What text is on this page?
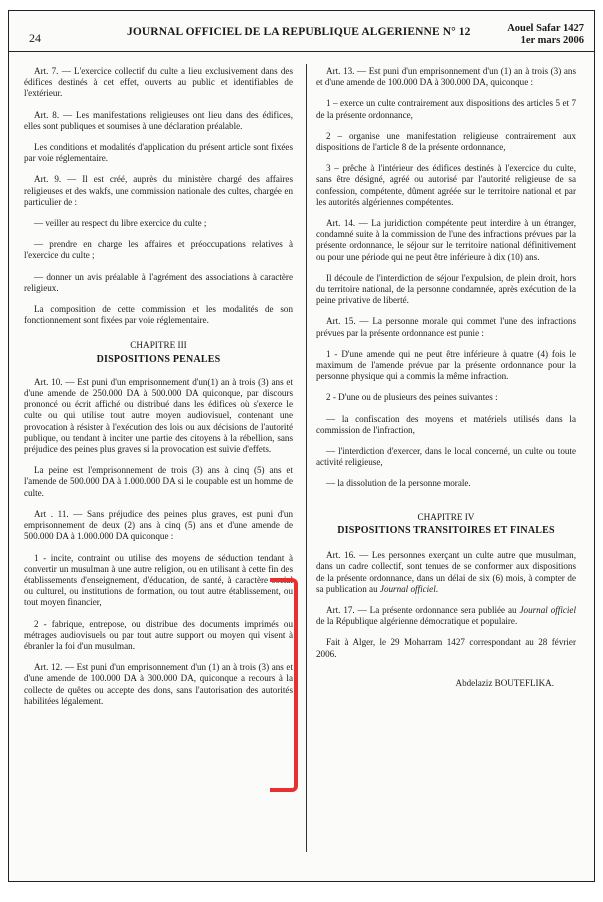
24	JOURNAL OFFICIEL DE LA REPUBLIQUE ALGERIENNE N° 12	Aouel Safar 1427
1er mars 2006

Art. 7. — L'exercice collectif du culte a lieu exclusivement dans des édifices destinés à cet effet, ouverts au public et identifiables de l'extérieur.

Art. 8. — Les manifestations religieuses ont lieu dans des édifices, elles sont publiques et soumises à une déclaration préalable.

Les conditions et modalités d'application du présent article sont fixées par voie réglementaire.

Art. 9. — Il est créé, auprès du ministère chargé des affaires religieuses et des wakfs, une commission nationale des cultes, chargée en particulier de :

— veiller au respect du libre exercice du culte ;

— prendre en charge les affaires et préoccupations relatives à l'exercice du culte ;

— donner un avis préalable à l'agrément des associations à caractère religieux.

La composition de cette commission et les modalités de son fonctionnement sont fixées par voie réglementaire.

CHAPITRE III
DISPOSITIONS PENALES

Art. 10. — Est puni d'un emprisonnement d'un(1) an à trois (3) ans et d'une amende de 250.000 DA à 500.000 DA quiconque, par discours prononcé ou écrit affiché ou distribué dans les édifices où s'exerce le culte ou qui utilise tout autre moyen audiovisuel, contenant une provocation à résister à l'exécution des lois ou aux décisions de l'autorité publique, ou tendant à inciter une partie des citoyens à la rébellion, sans préjudice des peines plus graves si la provocation est suivie d'effets.

La peine est l'emprisonnement de trois (3) ans à cinq (5) ans et l'amende de 500.000 DA à 1.000.000 DA si le coupable est un homme de culte.

Art . 11. — Sans préjudice des peines plus graves, est puni d'un emprisonnement de deux (2) ans à cinq (5) ans et d'une amende de 500.000 DA à 1.000.000 DA quiconque :

1 - incite, contraint ou utilise des moyens de séduction tendant à convertir un musulman à une autre religion, ou en utilisant à cette fin des établissements d'enseignement, d'éducation, de santé, à caractère social ou culturel, ou institutions de formation, ou tout autre établissement, ou tout moyen financier,

2 - fabrique, entrepose, ou distribue des documents imprimés ou métrages audiovisuels ou par tout autre support ou moyen qui visent à ébranler la foi d'un musulman.

Art. 12. — Est puni d'un emprisonnement d'un (1) an à trois (3) ans et d'une amende de 100.000 DA à 300.000 DA, quiconque a recours à la collecte de quêtes ou accepte des dons, sans l'autorisation des autorités habilitées légalement.

Art. 13. — Est puni d'un emprisonnement d'un (1) an à trois (3) ans et d'une amende de 100.000 DA à 300.000 DA, quiconque :

1 – exerce un culte contrairement aux dispositions des articles 5 et 7 de la présente ordonnance,

2 – organise une manifestation religieuse contrairement aux dispositions de l'article 8 de la présente ordonnance,

3 – prêche à l'intérieur des édifices destinés à l'exercice du culte, sans être désigné, agréé ou autorisé par l'autorité religieuse de sa confession, compétente, dûment agréée sur le territoire national et par les autorités algériennes compétentes.

Art. 14. — La juridiction compétente peut interdire à un étranger, condamné suite à la commission de l'une des infractions prévues par la présente ordonnance, le séjour sur le territoire national définitivement ou pour une période qui ne peut être inférieure à dix (10) ans.

Il découle de l'interdiction de séjour l'expulsion, de plein droit, hors du territoire national, de la personne condamnée, après exécution de la peine privative de liberté.

Art. 15. — La personne morale qui commet l'une des infractions prévues par la présente ordonnance est punie :

1 - D'une amende qui ne peut être inférieure à quatre (4) fois le maximum de l'amende prévue par la présente ordonnance pour la personne physique qui a commis la même infraction.

2 - D'une ou de plusieurs des peines suivantes :

— la confiscation des moyens et matériels utilisés dans la commission de l'infraction,

— l'interdiction d'exercer, dans le local concerné, un culte ou toute activité religieuse,

— la dissolution de la personne morale.

CHAPITRE IV
DISPOSITIONS TRANSITOIRES ET FINALES

Art. 16. — Les personnes exerçant un culte autre que musulman, dans un cadre collectif, sont tenues de se conformer aux dispositions de la présente ordonnance, dans un délai de six (6) mois, à compter de sa publication au Journal officiel.

Art. 17. — La présente ordonnance sera publiée au Journal officiel de la République algérienne démocratique et populaire.

Fait à Alger, le 29 Moharram 1427 correspondant au 28 février 2006.

Abdelaziz BOUTEFLIKA.
